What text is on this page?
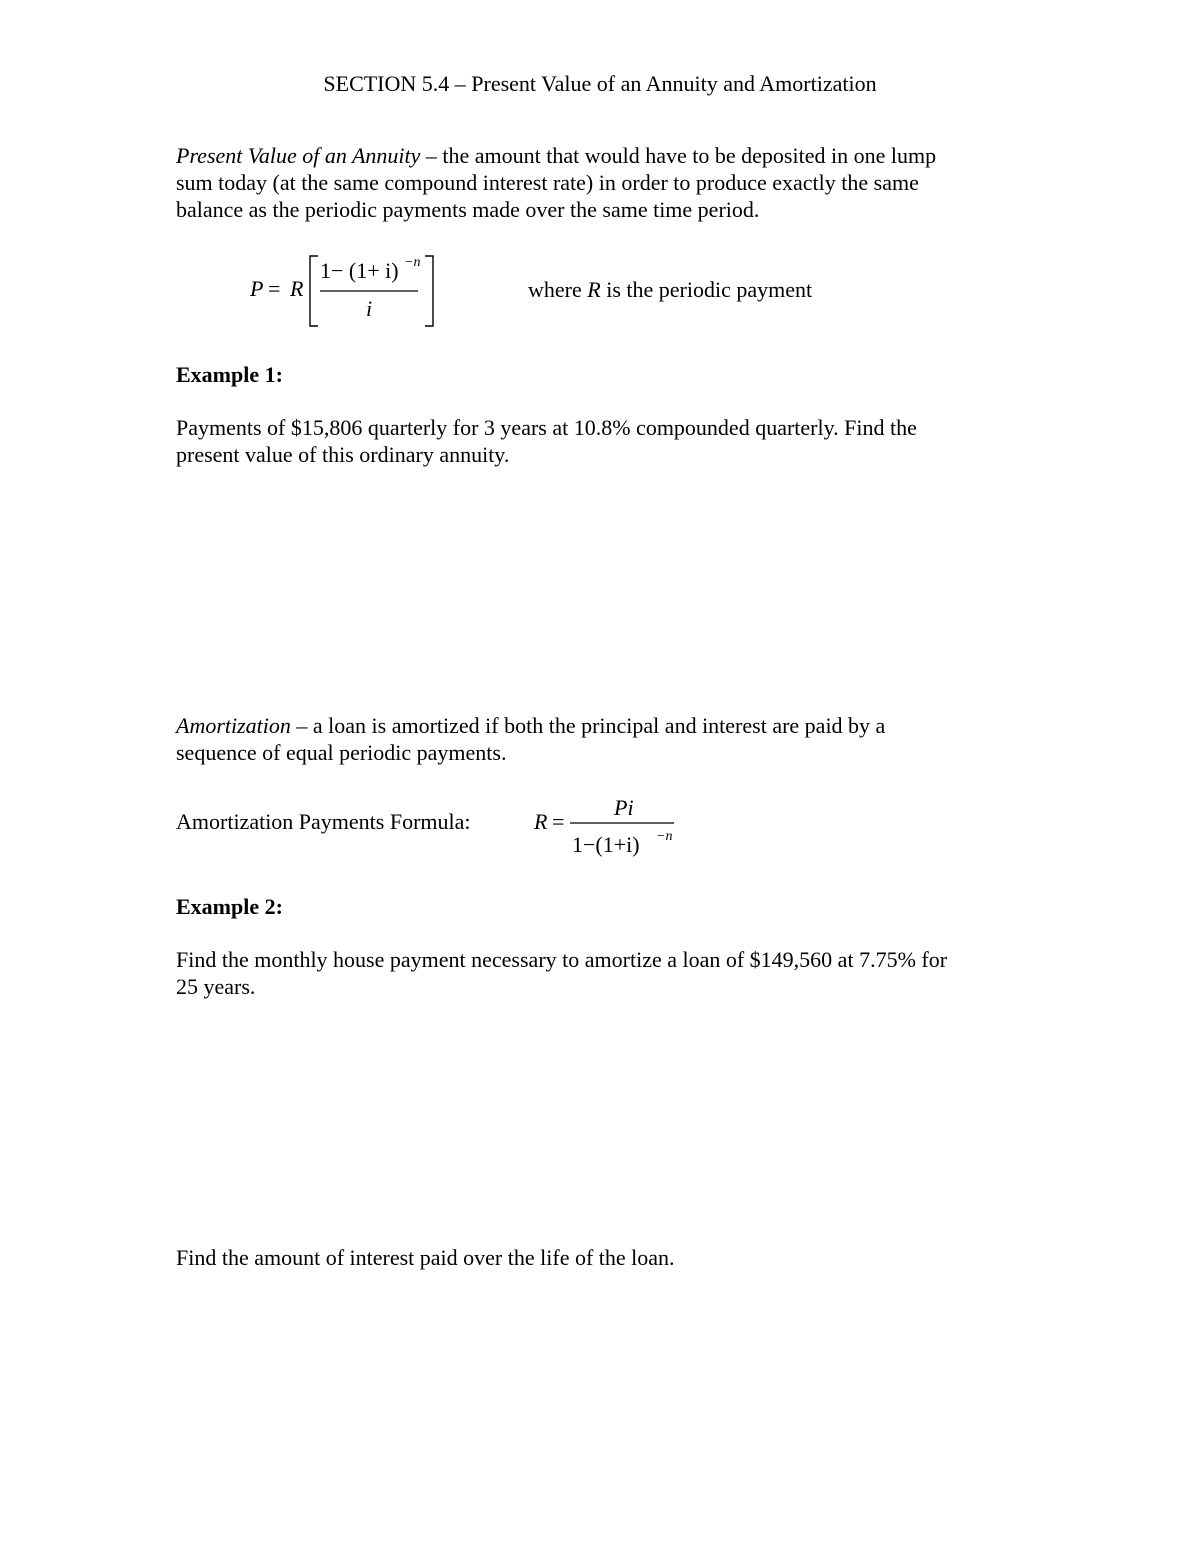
SECTION 5.4 – Present Value of an Annuity and Amortization

Present Value of an Annuity – the amount that would have to be deposited in one lump
sum today (at the same compound interest rate) in order to produce exactly the same
balance as the periodic payments made over the same time period.
P = R
1− (1+ i) −n
i

where R is the periodic payment

Example 1:

Payments of $15,806 quarterly for 3 years at 10.8% compounded quarterly. Find the
present value of this ordinary annuity.
Amortization – a loan is amortized if both the principal and interest are paid by a
sequence of equal periodic payments.

Amortization Payments Formula:	R =
Pi
1−(1+i) −n

Example 2:

Find the monthly house payment necessary to amortize a loan of $149,560 at 7.75% for
25 years.

Find the amount of interest paid over the life of the loan.
